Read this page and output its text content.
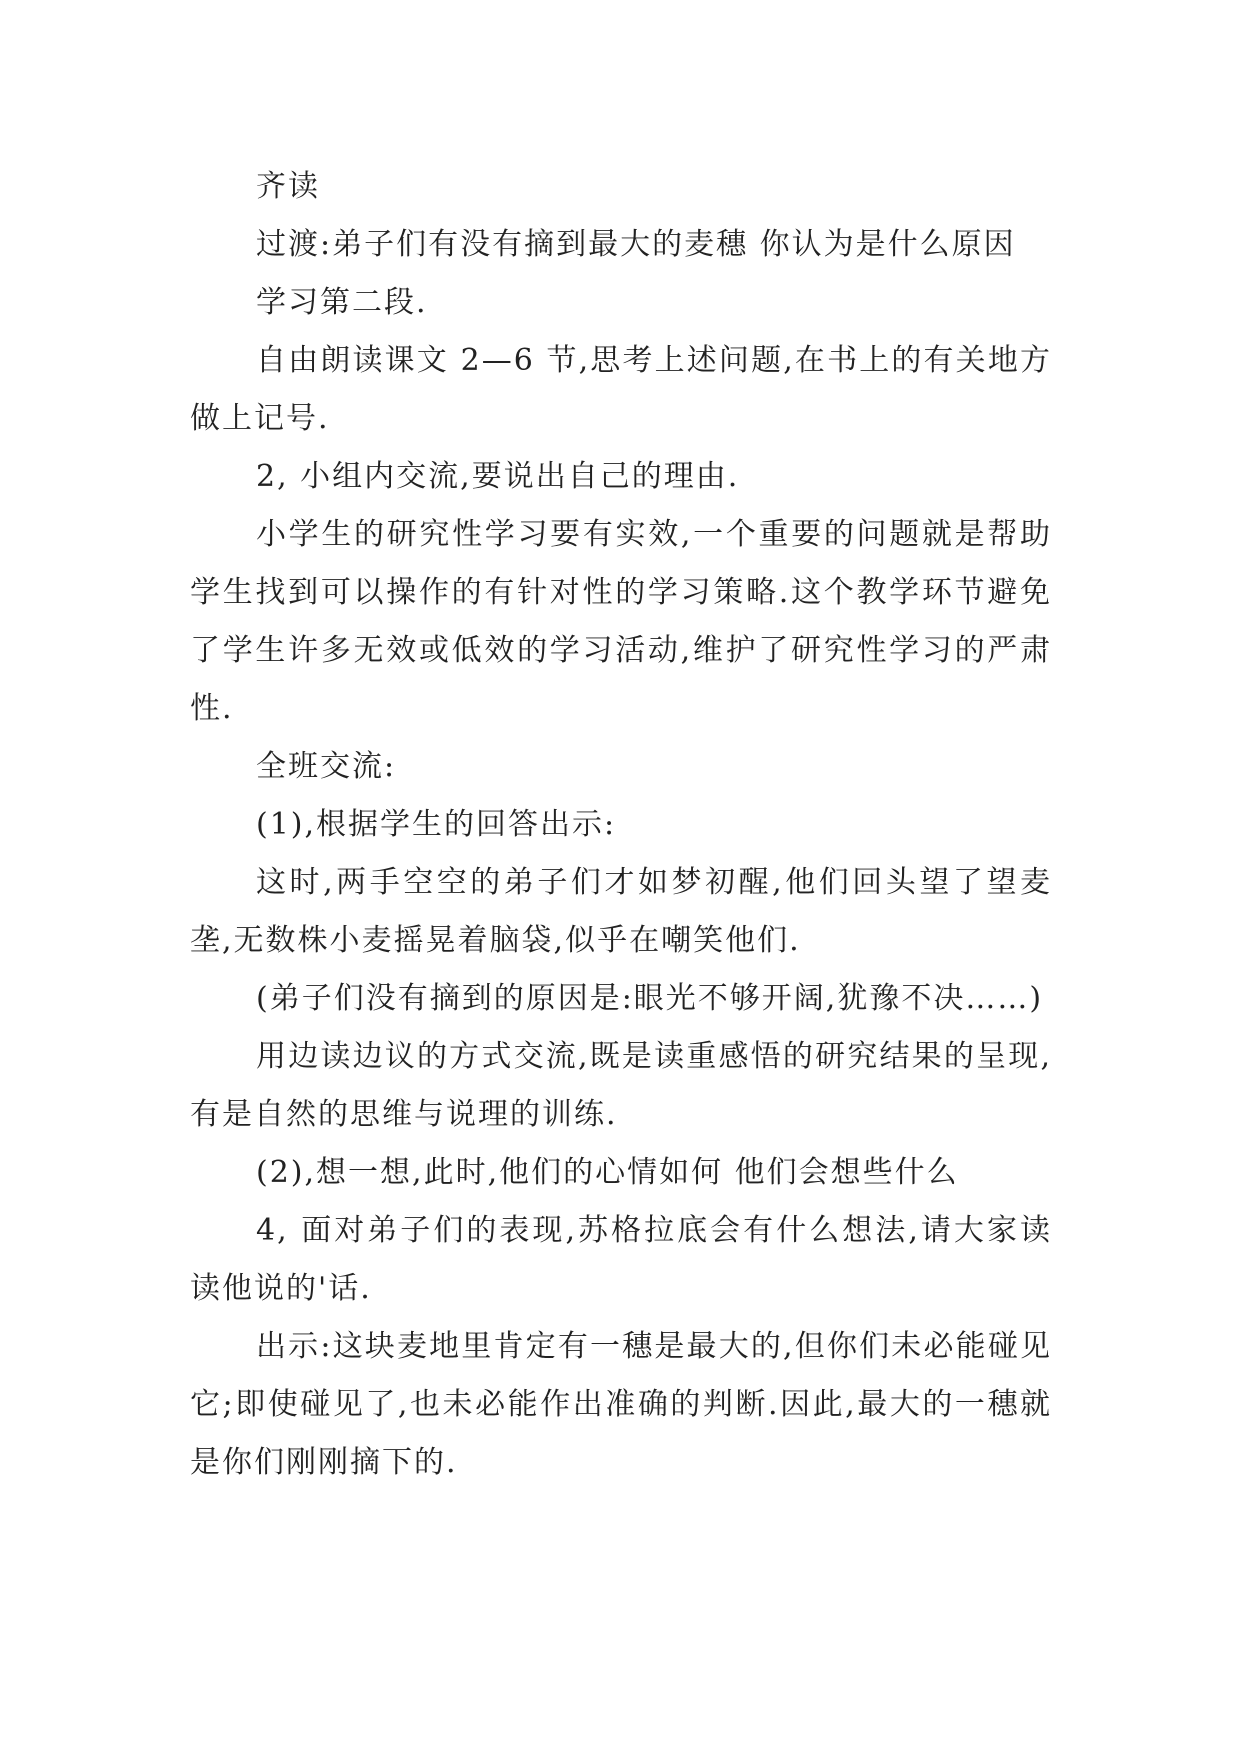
齐读

过渡:弟子们有没有摘到最大的麦穗 你认为是什么原因

学习第二段.

自由朗读课文 2—6 节,思考上述问题,在书上的有关地方做上记号.

2, 小组内交流,要说出自己的理由.

小学生的研究性学习要有实效,一个重要的问题就是帮助学生找到可以操作的有针对性的学习策略.这个教学环节避免了学生许多无效或低效的学习活动,维护了研究性学习的严肃性.

全班交流:

(1),根据学生的回答出示:

这时,两手空空的弟子们才如梦初醒,他们回头望了望麦垄,无数株小麦摇晃着脑袋,似乎在嘲笑他们.

(弟子们没有摘到的原因是:眼光不够开阔,犹豫不决……)

用边读边议的方式交流,既是读重感悟的研究结果的呈现,有是自然的思维与说理的训练.

(2),想一想,此时,他们的心情如何 他们会想些什么

4, 面对弟子们的表现,苏格拉底会有什么想法,请大家读读他说的'话.

出示:这块麦地里肯定有一穗是最大的,但你们未必能碰见它;即使碰见了,也未必能作出准确的判断.因此,最大的一穗就是你们刚刚摘下的.
